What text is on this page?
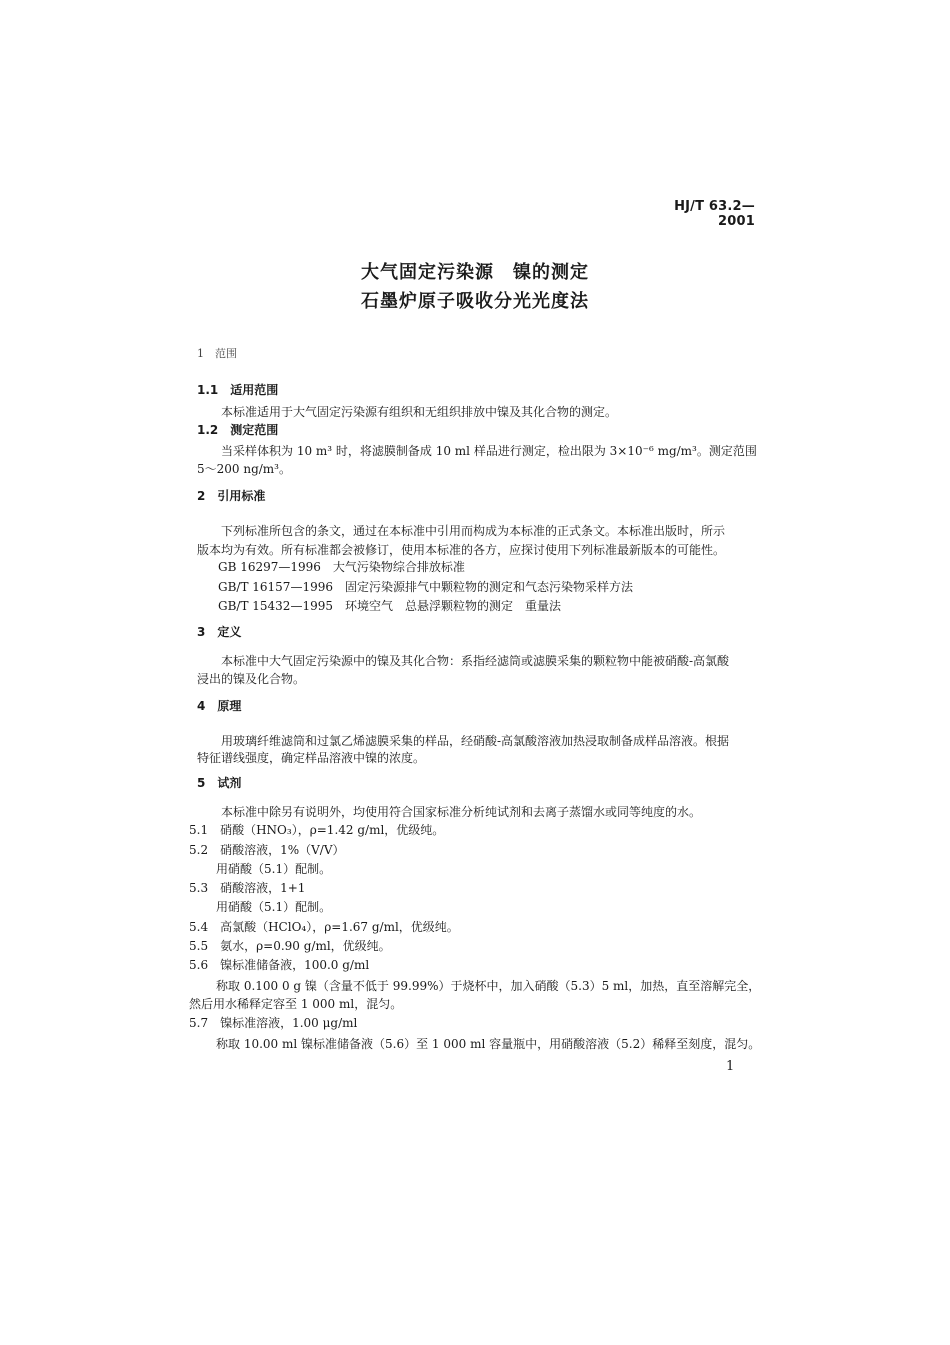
HJ/T 63.2—2001
大气固定污染源　镍的测定
石墨炉原子吸收分光光度法
1　范围
1.1　适用范围
本标准适用于大气固定污染源有组织和无组织排放中镍及其化合物的测定。
1.2　测定范围
当采样体积为 10 m³ 时，将滤膜制备成 10 ml 样品进行测定，检出限为 3×10⁻⁶ mg/m³。测定范围
5～200 ng/m³。
2　引用标准
下列标准所包含的条文，通过在本标准中引用而构成为本标准的正式条文。本标准出版时，所示
版本均为有效。所有标准都会被修订，使用本标准的各方，应探讨使用下列标准最新版本的可能性。
GB 16297—1996　大气污染物综合排放标准
GB/T 16157—1996　固定污染源排气中颗粒物的测定和气态污染物采样方法
GB/T 15432—1995　环境空气　总悬浮颗粒物的测定　重量法
3　定义
本标准中大气固定污染源中的镍及其化合物：系指经滤筒或滤膜采集的颗粒物中能被硝酸-高氯酸
浸出的镍及化合物。
4　原理
用玻璃纤维滤筒和过氯乙烯滤膜采集的样品，经硝酸-高氯酸溶液加热浸取制备成样品溶液。根据
特征谱线强度，确定样品溶液中镍的浓度。
5　试剂
本标准中除另有说明外，均使用符合国家标准分析纯试剂和去离子蒸馏水或同等纯度的水。
5.1　硝酸（HNO₃），ρ=1.42 g/ml，优级纯。
5.2　硝酸溶液，1%（V/V）
用硝酸（5.1）配制。
5.3　硝酸溶液，1+1
用硝酸（5.1）配制。
5.4　高氯酸（HClO₄），ρ=1.67 g/ml，优级纯。
5.5　氨水，ρ=0.90 g/ml，优级纯。
5.6　镍标准储备液，100.0 g/ml
称取 0.100 0 g 镍（含量不低于 99.99%）于烧杯中，加入硝酸（5.3）5 ml，加热，直至溶解完全，
然后用水稀释定容至 1 000 ml，混匀。
5.7　镍标准溶液，1.00 μg/ml
称取 10.00 ml 镍标准储备液（5.6）至 1 000 ml 容量瓶中，用硝酸溶液（5.2）稀释至刻度，混匀。
1
